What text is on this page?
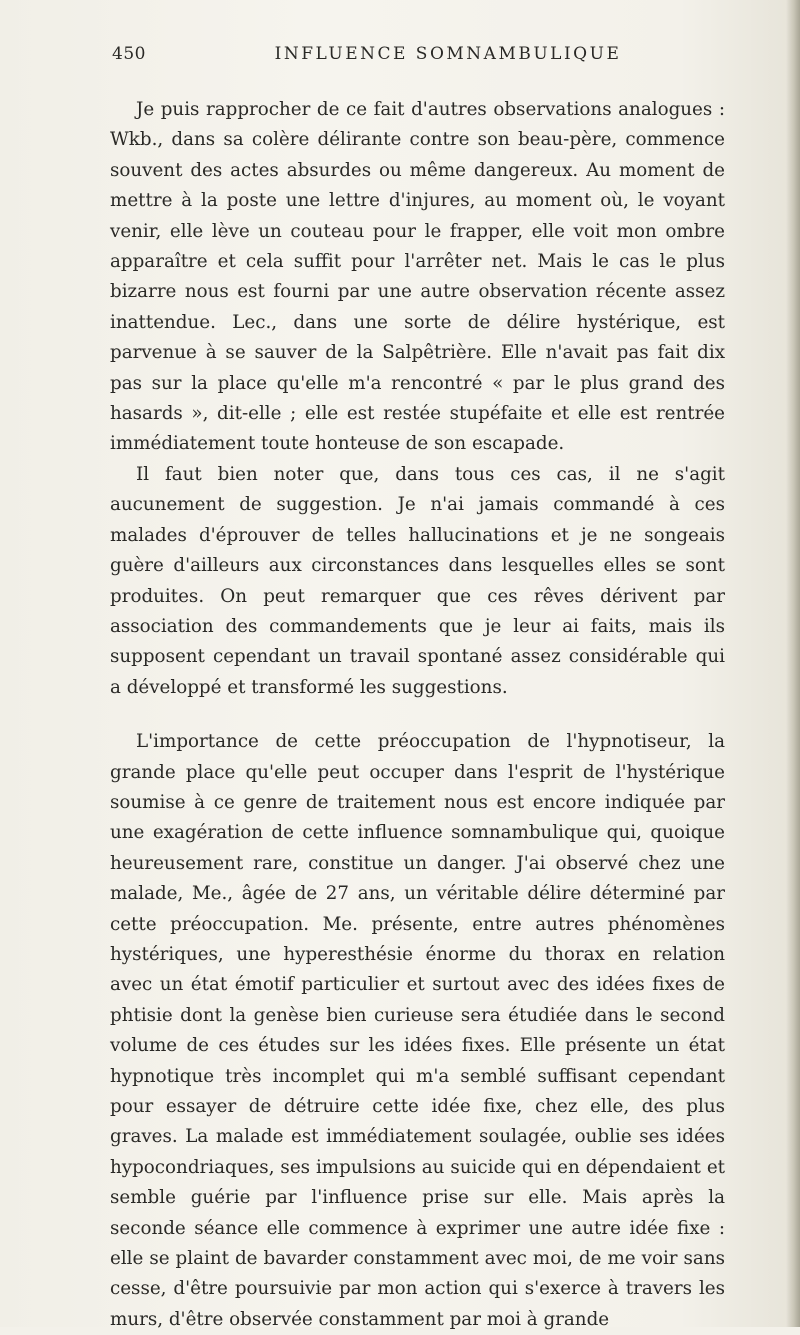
450	INFLUENCE SOMNAMBULIQUE

Je puis rapprocher de ce fait d'autres observations analogues : Wkb., dans sa colère délirante contre son beau-père, commence souvent des actes absurdes ou même dangereux. Au moment de mettre à la poste une lettre d'injures, au moment où, le voyant venir, elle lève un couteau pour le frapper, elle voit mon ombre apparaître et cela suffit pour l'arrêter net. Mais le cas le plus bizarre nous est fourni par une autre observation récente assez inattendue. Lec., dans une sorte de délire hystérique, est parvenue à se sauver de la Salpêtrière. Elle n'avait pas fait dix pas sur la place qu'elle m'a rencontré « par le plus grand des hasards », dit-elle ; elle est restée stupéfaite et elle est rentrée immédiatement toute honteuse de son escapade.

Il faut bien noter que, dans tous ces cas, il ne s'agit aucunement de suggestion. Je n'ai jamais commandé à ces malades d'éprouver de telles hallucinations et je ne songeais guère d'ailleurs aux circonstances dans lesquelles elles se sont produites. On peut remarquer que ces rêves dérivent par association des commandements que je leur ai faits, mais ils supposent cependant un travail spontané assez considérable qui a développé et transformé les suggestions.

L'importance de cette préoccupation de l'hypnotiseur, la grande place qu'elle peut occuper dans l'esprit de l'hystérique soumise à ce genre de traitement nous est encore indiquée par une exagération de cette influence somnambulique qui, quoique heureusement rare, constitue un danger. J'ai observé chez une malade, Me., âgée de 27 ans, un véritable délire déterminé par cette préoccupation. Me. présente, entre autres phénomènes hystériques, une hyperesthésie énorme du thorax en relation avec un état émotif particulier et surtout avec des idées fixes de phtisie dont la genèse bien curieuse sera étudiée dans le second volume de ces études sur les idées fixes. Elle présente un état hypnotique très incomplet qui m'a semblé suffisant cependant pour essayer de détruire cette idée fixe, chez elle, des plus graves. La malade est immédiatement soulagée, oublie ses idées hypocondriaques, ses impulsions au suicide qui en dépendaient et semble guérie par l'influence prise sur elle. Mais après la seconde séance elle commence à exprimer une autre idée fixe : elle se plaint de bavarder constamment avec moi, de me voir sans cesse, d'être poursuivie par mon action qui s'exerce à travers les murs, d'être observée constamment par moi à grande
